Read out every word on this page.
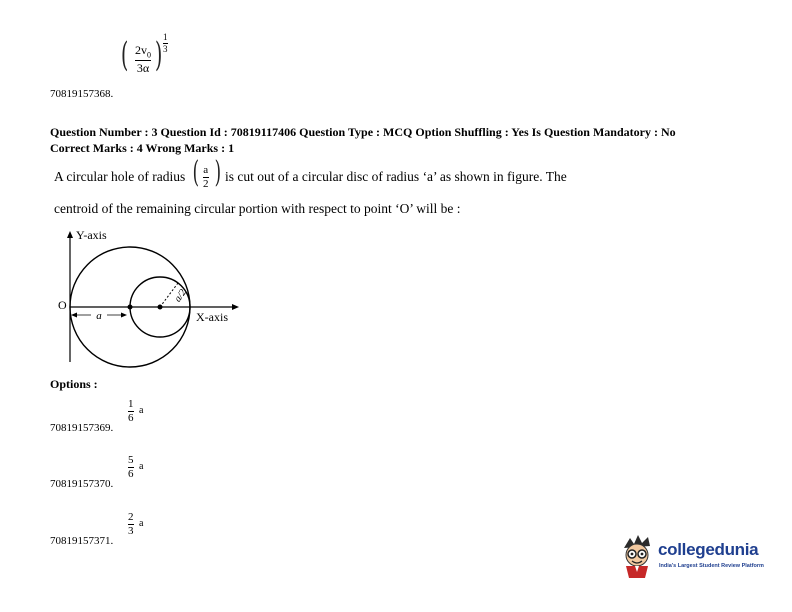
( $2v_0$
3α ) 1
3
70819157368.
Question Number : 3 Question Id : 70819117406 Question Type : MCQ Option Shuffling : Yes Is Question Mandatory : No
Correct Marks : 4 Wrong Marks : 1
A circular hole of radius ( a
2 ) is cut out of a circular disc of radius ‘a’ as shown in figure. The
centroid of the remaining circular portion with respect to point ‘O’ will be :
a
Y-axis
X-axis
O
a/2
Options :
1
6
a
70819157369.
5
6
a
70819157370.
2
3
a
70819157371.	collegedunia
India's Largest Student Review Platform
